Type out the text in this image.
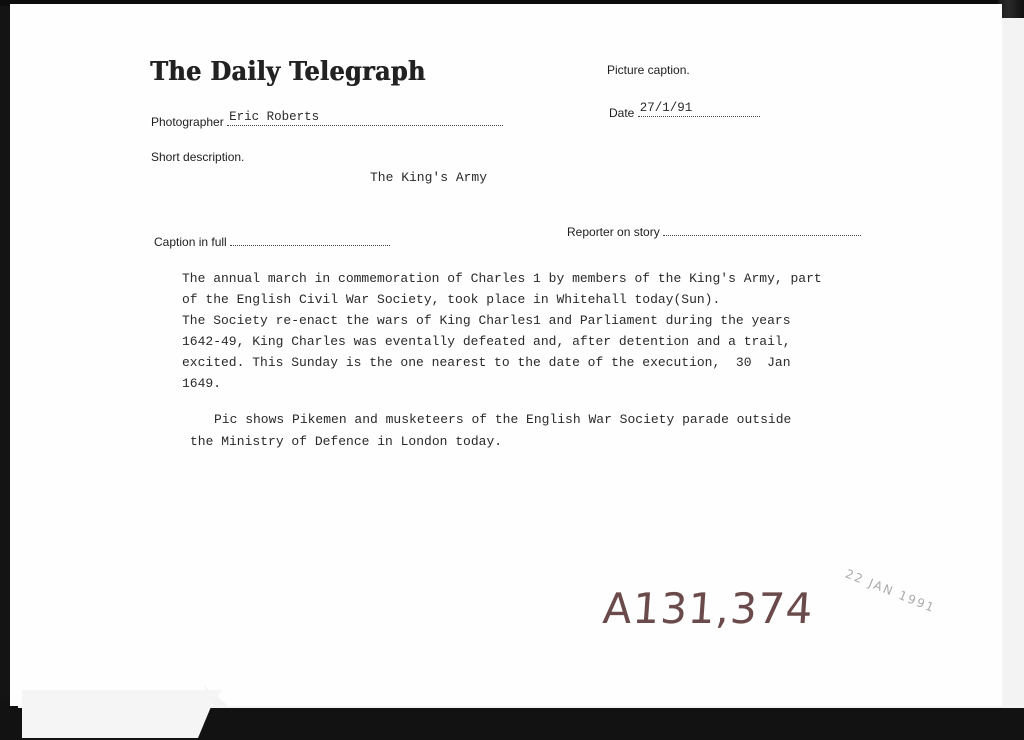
The Daily Telegraph
Photographer Eric Roberts
Picture caption.
Date 27/1/91
Short description.
The King's Army
Caption in full
Reporter on story

The annual march in commemoration of Charles 1 by members of the King's Army, part

of the English Civil War Society, took place in Whitehall today(Sun).

The Society re-enact the wars of King Charles1 and Parliament during the years

1642-49, King Charles was eventally defeated and, after detention and a trail,

excited. This Sunday is the one nearest to the date of the execution,  30  Jan

1649.

Pic shows Pikemen and musketeers of the English War Society parade outside
the Ministry of Defence in London today.
A131,374 22 JAN 1991
